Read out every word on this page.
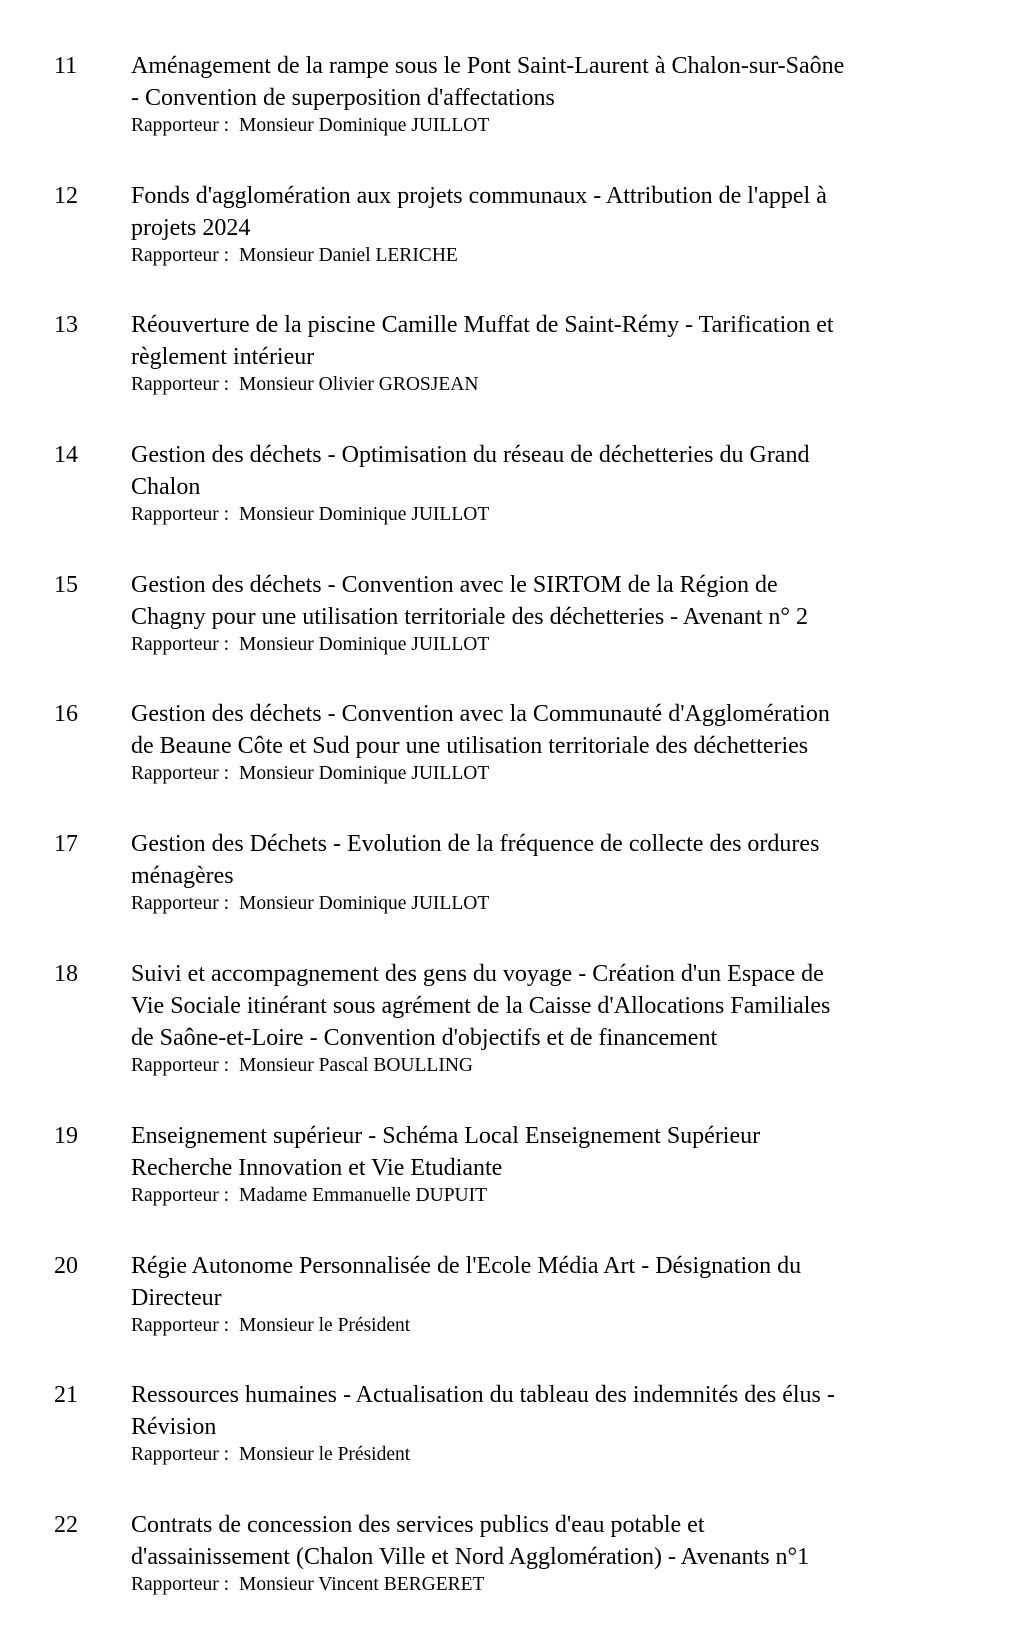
11 Aménagement de la rampe sous le Pont Saint-Laurent à Chalon-sur-Saône
- Convention de superposition d'affectations

Rapporteur : Monsieur Dominique JUILLOT

12 Fonds d'agglomération aux projets communaux - Attribution de l'appel à
projets 2024

Rapporteur : Monsieur Daniel LERICHE

13 Réouverture de la piscine Camille Muffat de Saint-Rémy - Tarification et
règlement intérieur

Rapporteur : Monsieur Olivier GROSJEAN

14 Gestion des déchets - Optimisation du réseau de déchetteries du Grand
Chalon

Rapporteur : Monsieur Dominique JUILLOT

15 Gestion des déchets - Convention avec le SIRTOM de la Région de
Chagny pour une utilisation territoriale des déchetteries - Avenant n° 2

Rapporteur : Monsieur Dominique JUILLOT

16 Gestion des déchets - Convention avec la Communauté d'Agglomération
de Beaune Côte et Sud pour une utilisation territoriale des déchetteries

Rapporteur : Monsieur Dominique JUILLOT

17 Gestion des Déchets - Evolution de la fréquence de collecte des ordures
ménagères

Rapporteur : Monsieur Dominique JUILLOT

18 Suivi et accompagnement des gens du voyage - Création d'un Espace de
Vie Sociale itinérant sous agrément de la Caisse d'Allocations Familiales
de Saône-et-Loire - Convention d'objectifs et de financement

Rapporteur : Monsieur Pascal BOULLING

19 Enseignement supérieur - Schéma Local Enseignement Supérieur
Recherche Innovation et Vie Etudiante

Rapporteur : Madame Emmanuelle DUPUIT

20 Régie Autonome Personnalisée de l'Ecole Média Art - Désignation du
Directeur

Rapporteur : Monsieur le Président

21 Ressources humaines - Actualisation du tableau des indemnités des élus -
Révision

Rapporteur : Monsieur le Président

22 Contrats de concession des services publics d'eau potable et
d'assainissement (Chalon Ville et Nord Agglomération) - Avenants n°1

Rapporteur : Monsieur Vincent BERGERET
